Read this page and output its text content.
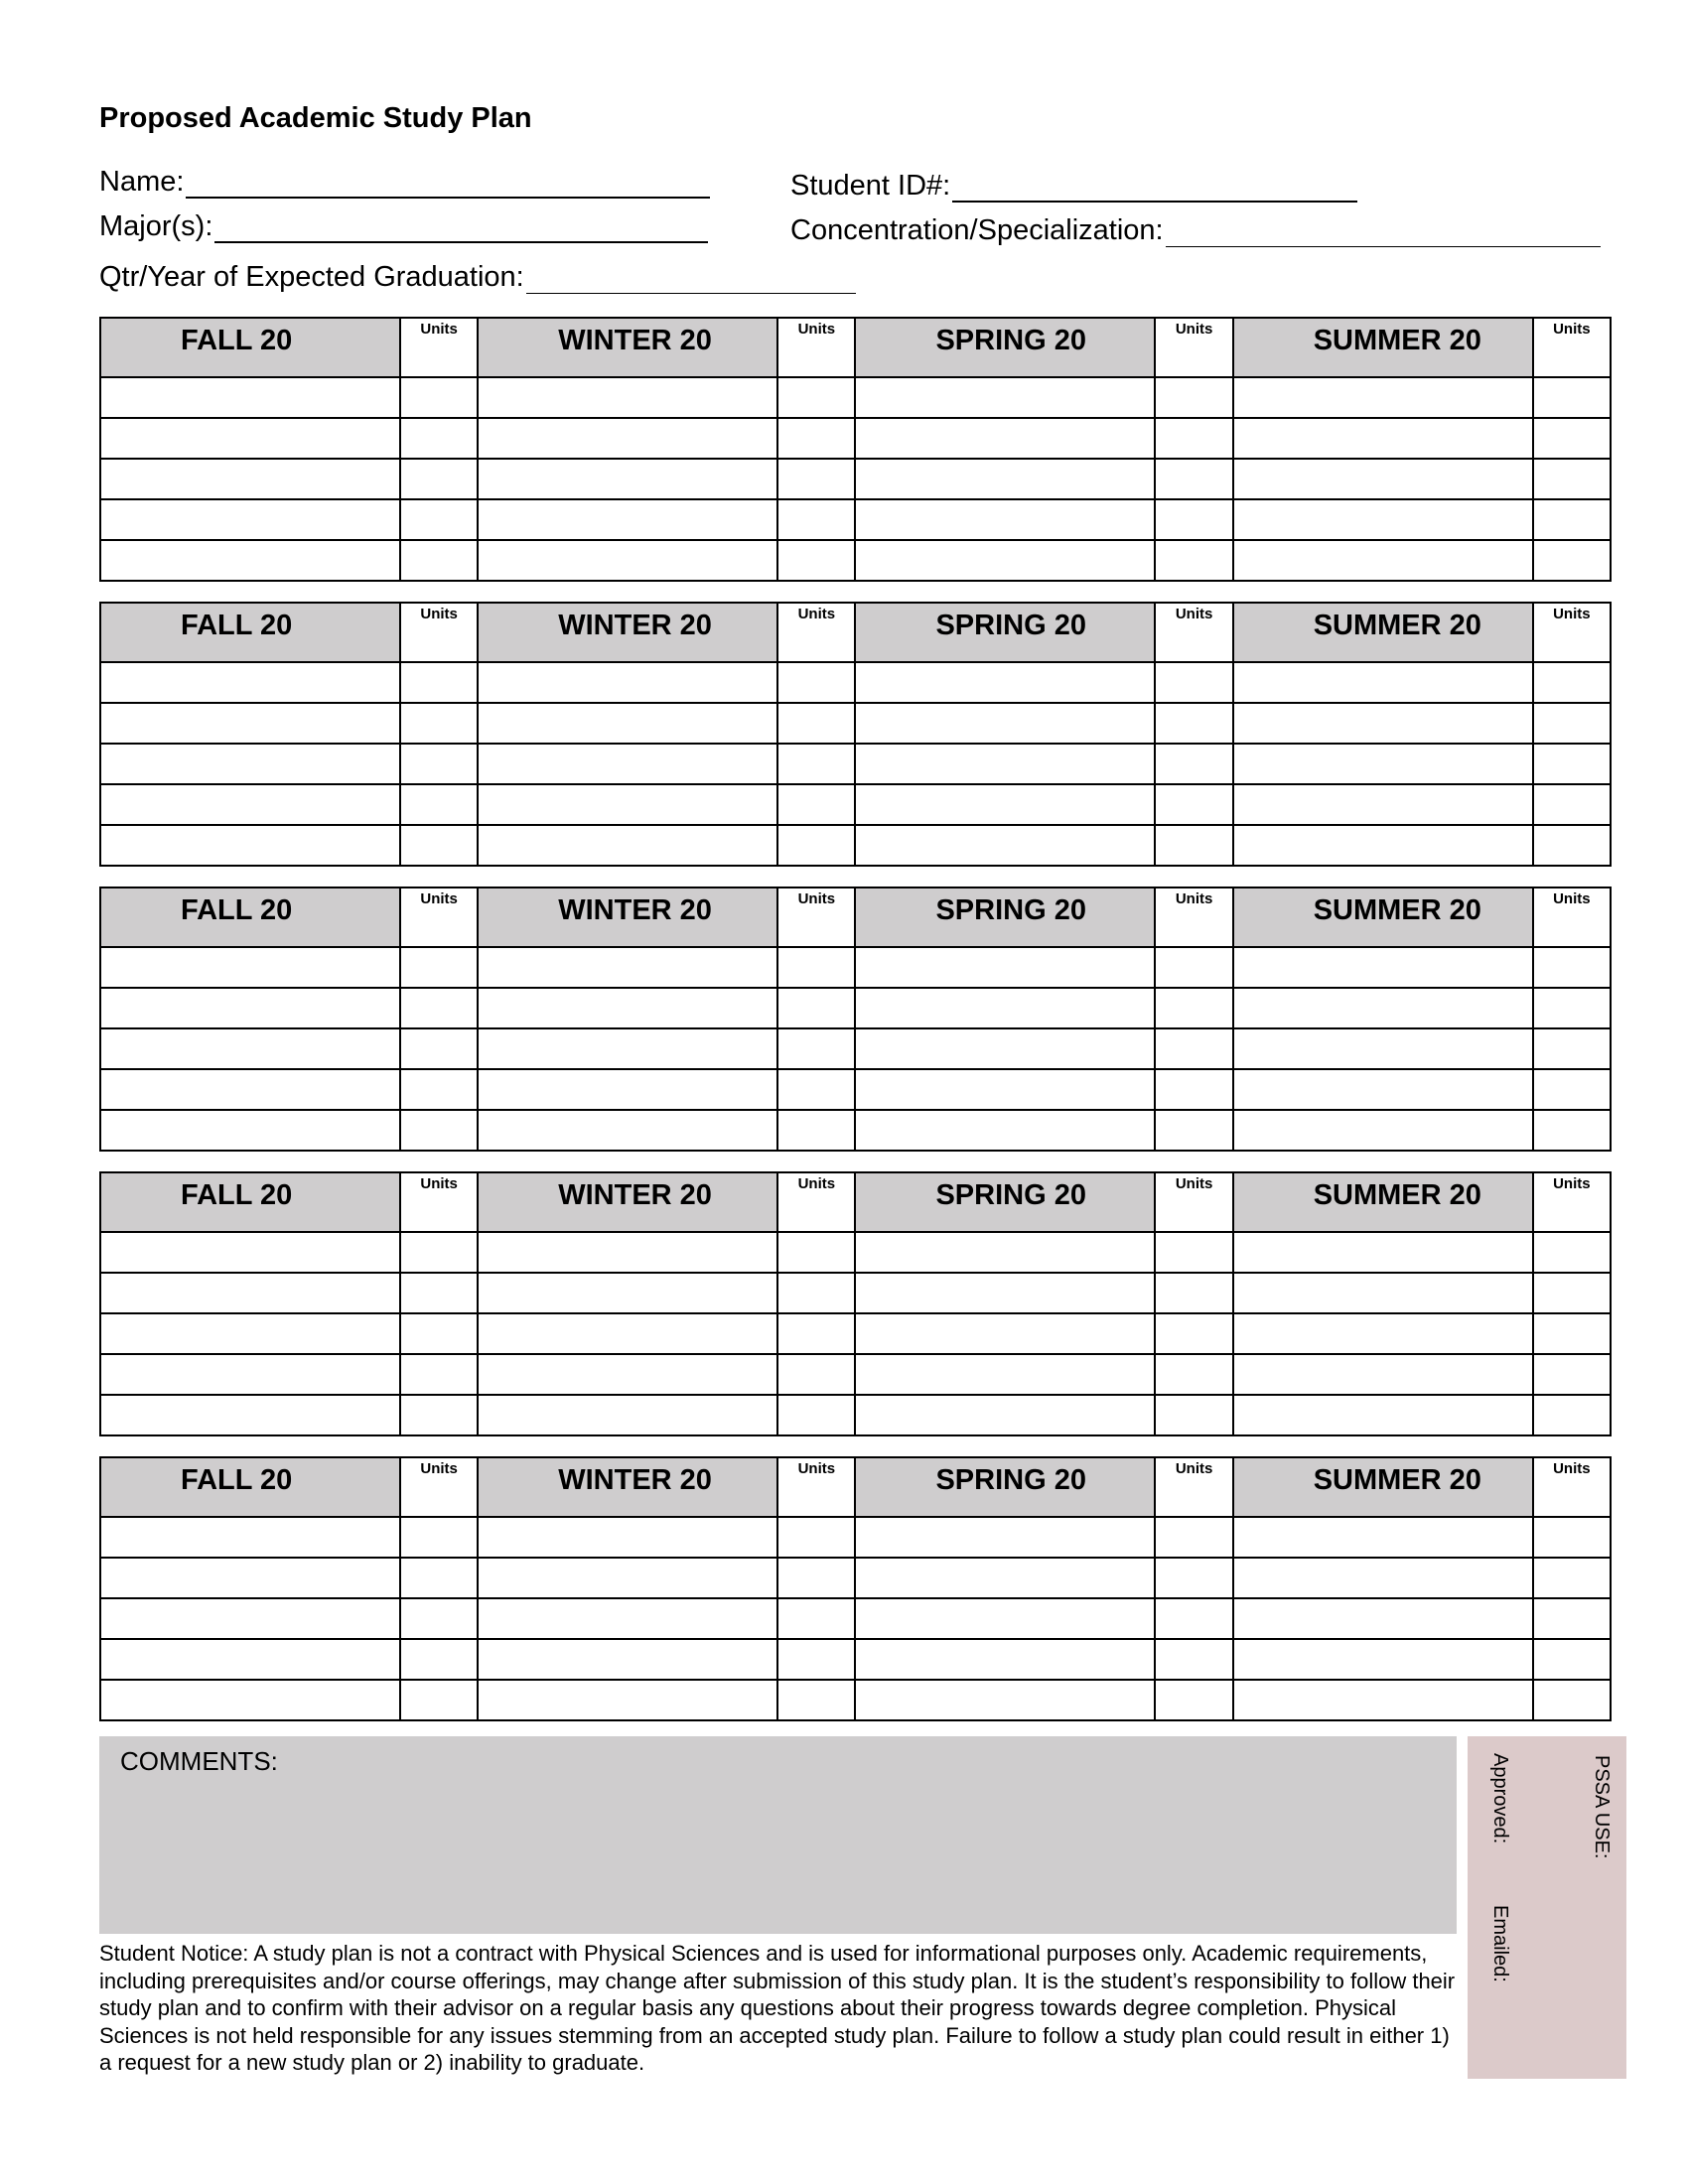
Proposed Academic Study Plan
Name:	Student ID#:
Major(s):	Concentration/Specialization:
Qtr/Year of Expected Graduation:
FALL 20	Units	WINTER 20	Units	SPRING 20	Units	SUMMER 20	Units

FALL 20	Units	WINTER 20	Units	SPRING 20	Units	SUMMER 20	Units

FALL 20	Units	WINTER 20	Units	SPRING 20	Units	SUMMER 20	Units

FALL 20	Units	WINTER 20	Units	SPRING 20	Units	SUMMER 20	Units

FALL 20	Units	WINTER 20	Units	SPRING 20	Units	SUMMER 20	Units

COMMENTS:	PSSA USE:
Approved:
Emailed:
Student Notice: A study plan is not a contract with Physical Sciences and is used for informational purposes only. Academic requirements, including prerequisites and/or course offerings, may change after submission of this study plan. It is the student’s responsibility to follow their study plan and to confirm with their advisor on a regular basis any questions about their progress towards degree completion. Physical Sciences is not held responsible for any issues stemming from an accepted study plan. Failure to follow a study plan could result in either 1) a request for a new study plan or 2) inability to graduate.
